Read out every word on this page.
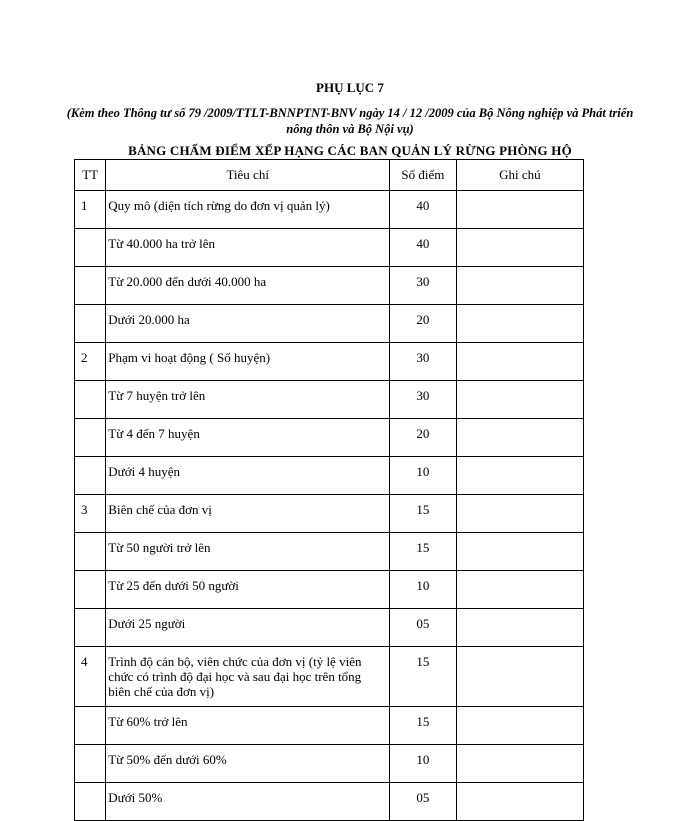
PHỤ LỤC 7
(Kèm theo Thông tư số 79 /2009/TTLT-BNNPTNT-BNV ngày 14 / 12 /2009 của Bộ Nông nghiệp và Phát triển nông thôn và Bộ Nội vụ)
BẢNG CHẤM ĐIỂM XẾP HẠNG CÁC BAN QUẢN LÝ RỪNG PHÒNG HỘ
TT	Tiêu chí	Số điểm	Ghi chú
1	Quy mô (diện tích rừng do đơn vị quản lý)	40	
	Từ 40.000 ha trở lên	40	
	Từ 20.000 đến dưới 40.000 ha	30	
	Dưới 20.000 ha	20	
2	Phạm vi hoạt động ( Số huyện)	30	
	Từ 7 huyện trở lên	30	
	Từ 4 đến 7 huyện	20	
	Dưới 4 huyện	10	
3	Biên chế của đơn vị	15	
	Từ 50 người trở lên	15	
	Từ 25 đến dưới 50 người	10	
	Dưới 25 người	05	
4	Trình độ cán bộ, viên chức của đơn vị (tỷ lệ viên chức có trình độ đại học và sau đại học trên tổng biên chế của đơn vị)	15	
	Từ 60% trở lên	15	
	Từ 50% đến dưới 60%	10	
	Dưới 50%	05	
